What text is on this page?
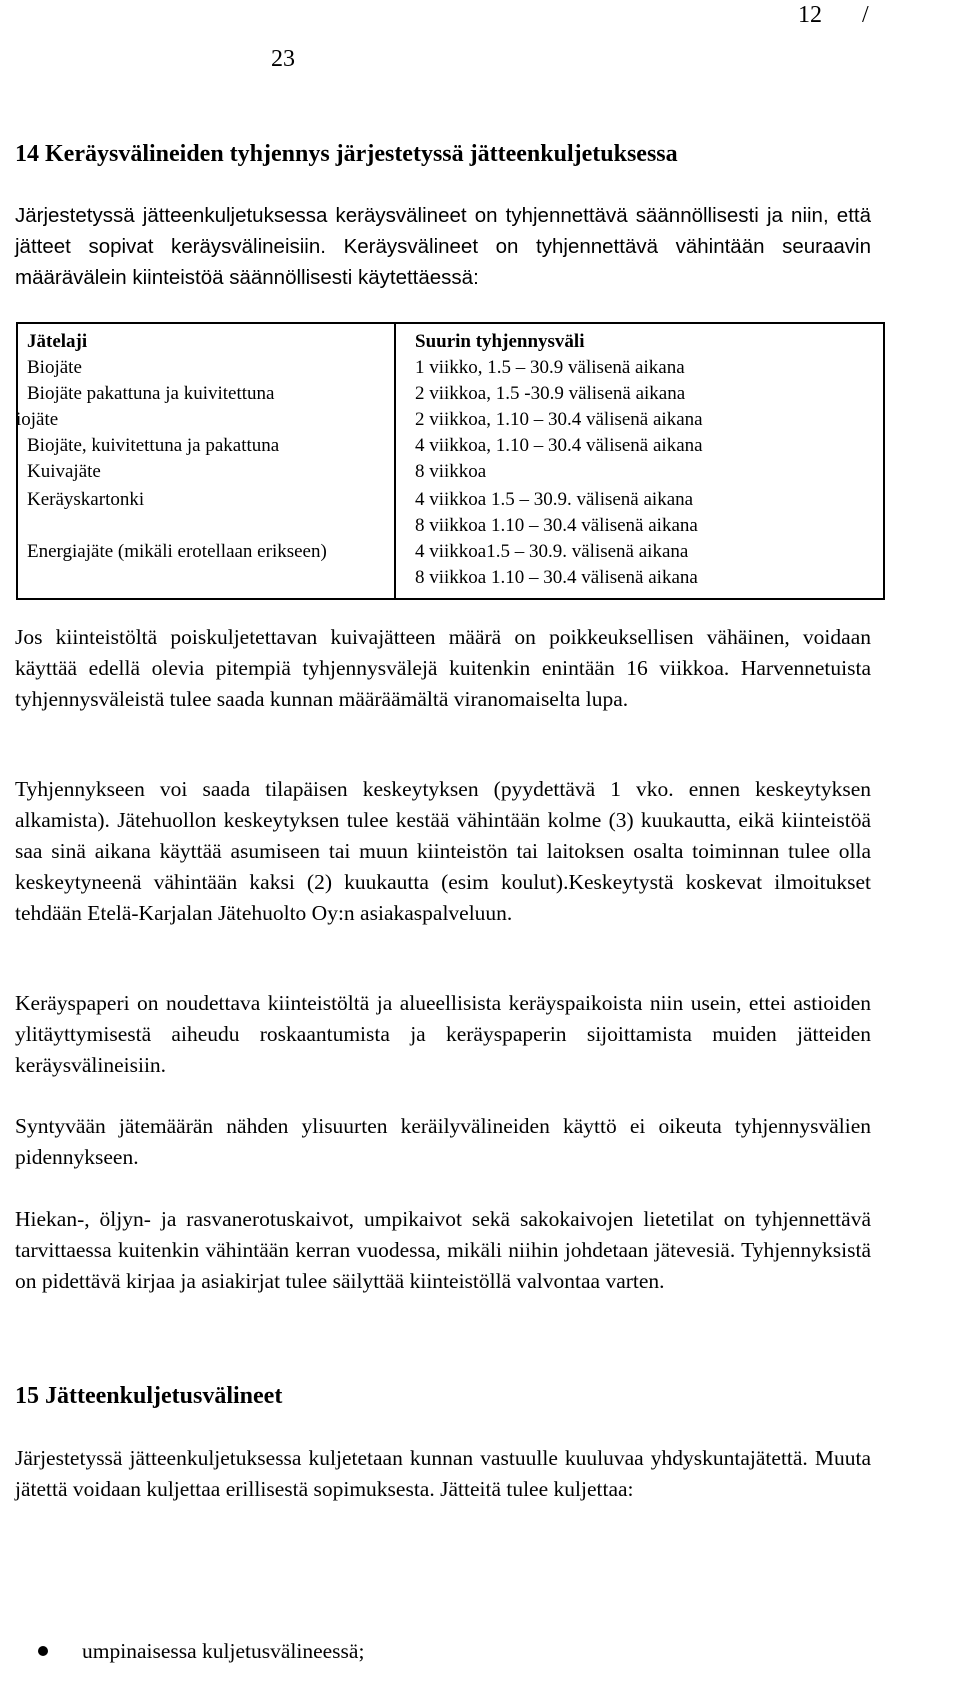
12 /
23
14 Keräysvälineiden tyhjennys järjestetyssä jätteenkuljetuksessa

Järjestetyssä jätteenkuljetuksessa keräysvälineet on tyhjennettävä säännöllisesti ja niin, että jätteet sopivat keräysvälineisiin. Keräysvälineet on tyhjennettävä vähintään seuraavin määrävälein kiinteistöä säännöllisesti käytettäessä:

Jätelaji	Suurin tyhjennysväli
Biojäte	1 viikko, 1.5 – 30.9 välisenä aikana
Biojäte pakattuna ja kuivitettuna	2 viikkoa, 1.5 -30.9 välisenä aikana
iojäte	2 viikkoa, 1.10 – 30.4 välisenä aikana
Biojäte, kuivitettuna ja pakattuna	4 viikkoa, 1.10 – 30.4 välisenä aikana
Kuivajäte	8 viikkoa
Keräyskartonki	4 viikkoa 1.5 – 30.9. välisenä aikana
8 viikkoa 1.10 – 30.4 välisenä aikana
Energiajäte (mikäli erotellaan erikseen)	4 viikkoa1.5 – 30.9. välisenä aikana
8 viikkoa 1.10 – 30.4 välisenä aikana

Jos kiinteistöltä poiskuljetettavan kuivajätteen määrä on poikkeuksellisen vähäinen, voidaan käyttää edellä olevia pitempiä tyhjennysvälejä kuitenkin enintään 16 viikkoa. Harvennetuista tyhjennysväleistä tulee saada kunnan määräämältä viranomaiselta lupa.

Tyhjennykseen voi saada tilapäisen keskeytyksen (pyydettävä 1 vko. ennen keskeytyksen alkamista). Jätehuollon keskeytyksen tulee kestää vähintään kolme (3) kuukautta, eikä kiinteistöä saa sinä aikana käyttää asumiseen tai muun kiinteistön tai laitoksen osalta toiminnan tulee olla keskeytyneenä vähintään kaksi (2) kuukautta (esim koulut).Keskeytystä koskevat ilmoitukset tehdään Etelä-Karjalan Jätehuolto Oy:n asiakaspalveluun.

Keräyspaperi on noudettava kiinteistöltä ja alueellisista keräyspaikoista niin usein, ettei astioiden ylitäyttymisestä aiheudu roskaantumista ja keräyspaperin sijoittamista muiden jätteiden keräysvälineisiin.

Syntyvään jätemäärän nähden ylisuurten keräilyvälineiden käyttö ei oikeuta tyhjennysvälien pidennykseen.

Hiekan-, öljyn- ja rasvanerotuskaivot, umpikaivot sekä sakokaivojen lietetilat on tyhjennettävä tarvittaessa kuitenkin vähintään kerran vuodessa, mikäli niihin johdetaan jätevesiä. Tyhjennyksistä on pidettävä kirjaa ja asiakirjat tulee säilyttää kiinteistöllä valvontaa varten.

15 Jätteenkuljetusvälineet

Järjestetyssä jätteenkuljetuksessa kuljetetaan kunnan vastuulle kuuluvaa yhdyskuntajätettä. Muuta jätettä voidaan kuljettaa erillisestä sopimuksesta. Jätteitä tulee kuljettaa:

umpinaisessa kuljetusvälineessä;
